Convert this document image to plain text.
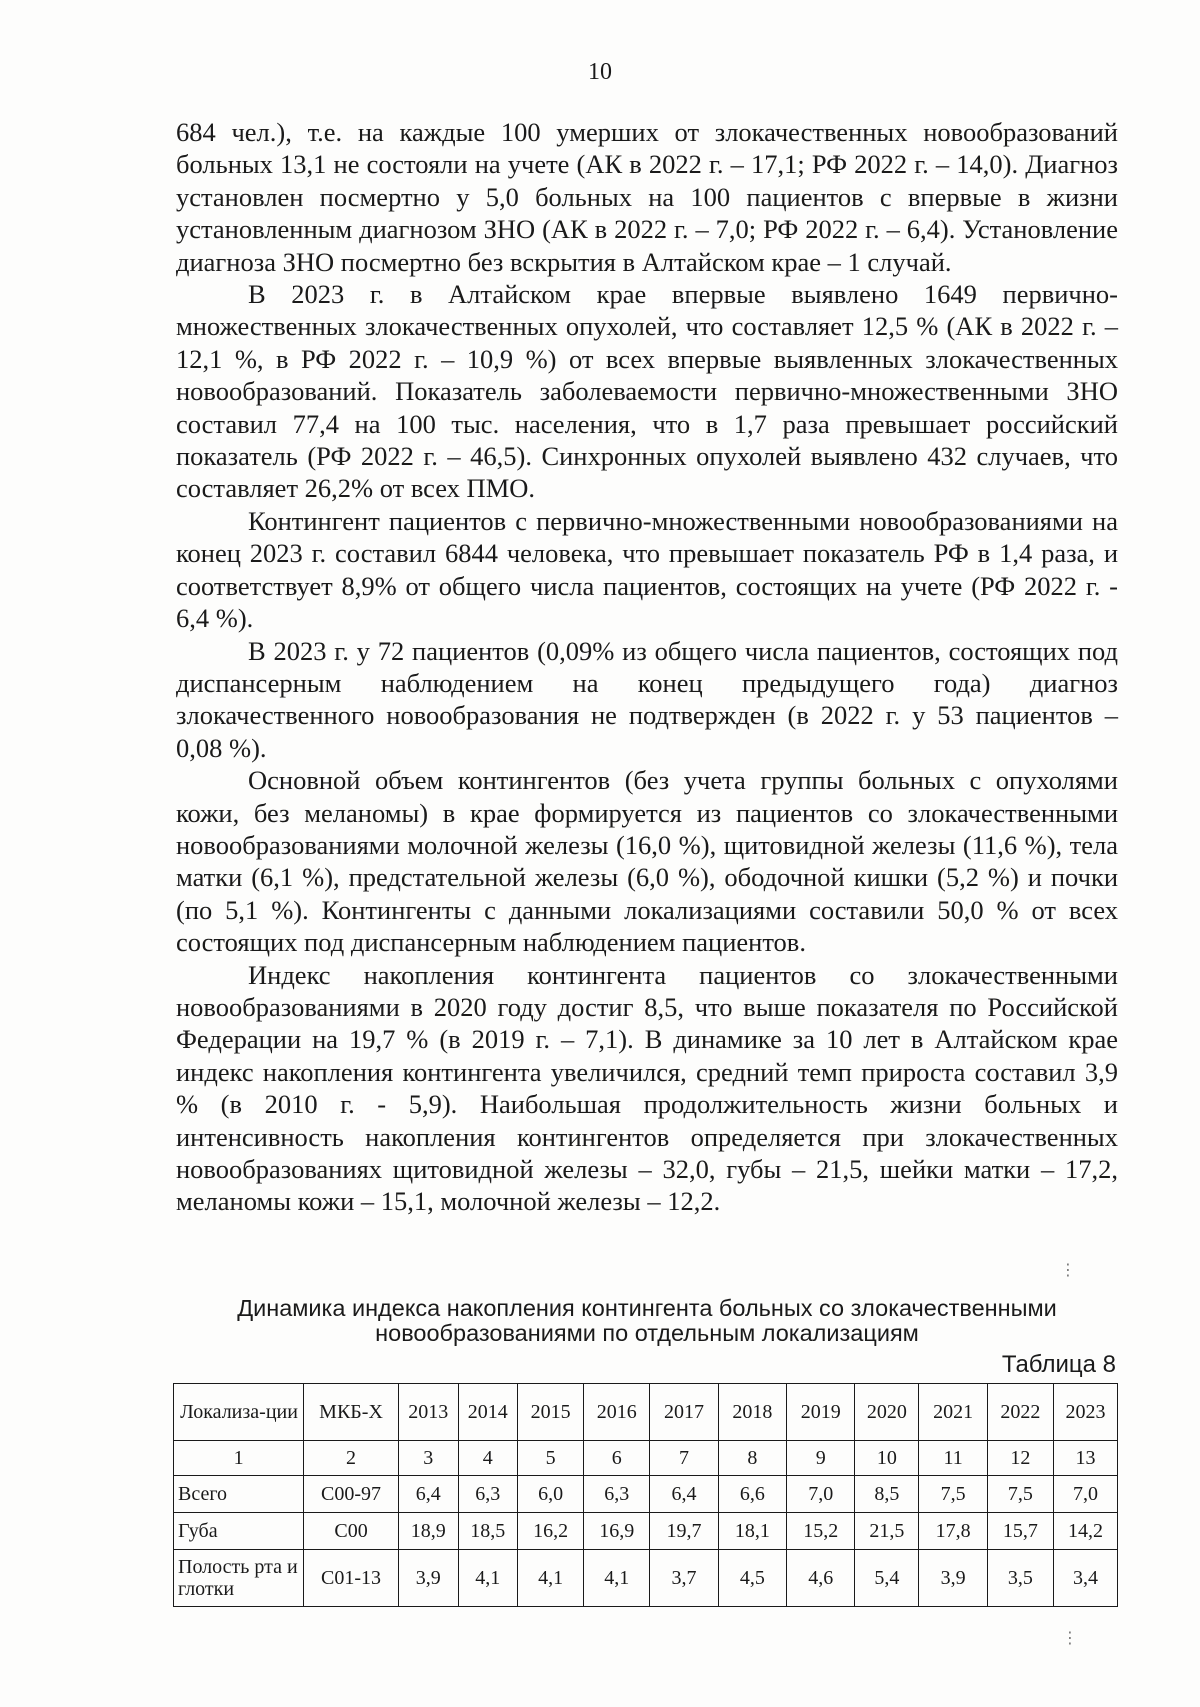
10

684 чел.), т.е. на каждые 100 умерших от злокачественных новообразований больных 13,1 не состояли на учете (АК в 2022 г. – 17,1; РФ 2022 г. – 14,0). Диагноз установлен посмертно у 5,0 больных на 100 пациентов с впервые в жизни установленным диагнозом ЗНО (АК в 2022 г. – 7,0; РФ 2022 г. – 6,4). Установление диагноза ЗНО посмертно без вскрытия в Алтайском крае – 1 случай.

В 2023 г. в Алтайском крае впервые выявлено 1649 первично-множественных злокачественных опухолей, что составляет 12,5 % (АК в 2022 г. – 12,1 %, в РФ 2022 г. – 10,9 %) от всех впервые выявленных злокачественных новообразований. Показатель заболеваемости первично-множественными ЗНО составил 77,4 на 100 тыс. населения, что в 1,7 раза превышает российский показатель (РФ 2022 г. – 46,5). Синхронных опухолей выявлено 432 случаев, что составляет 26,2% от всех ПМО.

Контингент пациентов с первично-множественными новообразованиями на конец 2023 г. составил 6844 человека, что превышает показатель РФ в 1,4 раза, и соответствует 8,9% от общего числа пациентов, состоящих на учете (РФ 2022 г. - 6,4 %).

В 2023 г. у 72 пациентов (0,09% из общего числа пациентов, состоящих под диспансерным наблюдением на конец предыдущего года) диагноз злокачественного новообразования не подтвержден (в 2022 г. у 53 пациентов – 0,08 %).

Основной объем контингентов (без учета группы больных с опухолями кожи, без меланомы) в крае формируется из пациентов со злокачественными новообразованиями молочной железы (16,0 %), щитовидной железы (11,6 %), тела матки (6,1 %), предстательной железы (6,0 %), ободочной кишки (5,2 %) и почки (по 5,1 %). Контингенты с данными локализациями составили 50,0 % от всех состоящих под диспансерным наблюдением пациентов.

Индекс накопления контингента пациентов со злокачественными новообразованиями в 2020 году достиг 8,5, что выше показателя по Российской Федерации на 19,7 % (в 2019 г. – 7,1). В динамике за 10 лет в Алтайском крае индекс накопления контингента увеличился, средний темп прироста составил 3,9 % (в 2010 г. - 5,9). Наибольшая продолжительность жизни больных и интенсивность накопления контингентов определяется при злокачественных новообразованиях щитовидной железы – 32,0, губы – 21,5, шейки матки – 17,2, меланомы кожи – 15,1, молочной железы – 12,2.

Динамика индекса накопления контингента больных со злокачественными
новообразованиями по отдельным локализациям
Таблица 8
Локализа-ции	МКБ-Х	2013	2014	2015	2016	2017	2018	2019	2020	2021	2022	2023
1	2	3	4	5	6	7	8	9	10	11	12	13
Всего	С00-97	6,4	6,3	6,0	6,3	6,4	6,6	7,0	8,5	7,5	7,5	7,0
Губа	С00	18,9	18,5	16,2	16,9	19,7	18,1	15,2	21,5	17,8	15,7	14,2
Полость рта и глотки	С01-13	3,9	4,1	4,1	4,1	3,7	4,5	4,6	5,4	3,9	3,5	3,4
⋮
⋮
